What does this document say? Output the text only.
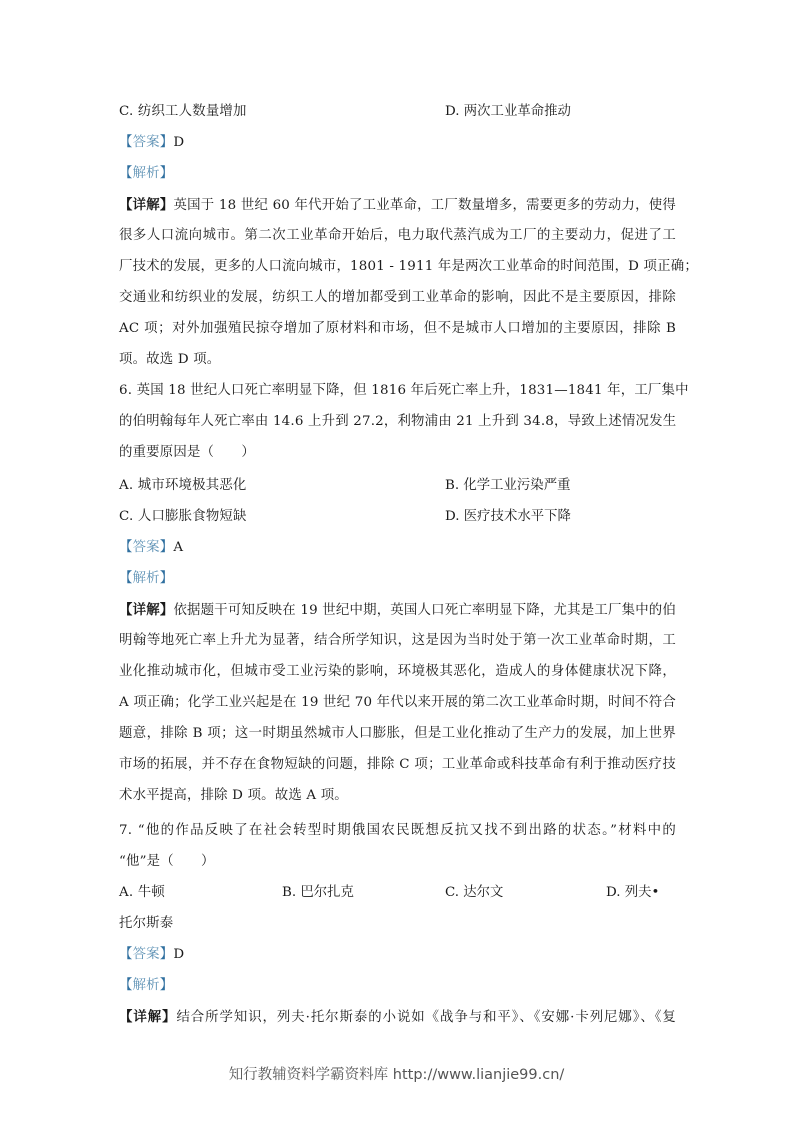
C. 纺织工人数量增加	D. 两次工业革命推动
【答案】D
【解析】
【详解】英国于 18 世纪 60 年代开始了工业革命，工厂数量增多，需要更多的劳动力，使得
很多人口流向城市。第二次工业革命开始后，电力取代蒸汽成为工厂的主要动力，促进了工
厂技术的发展，更多的人口流向城市，1801 - 1911 年是两次工业革命的时间范围，D 项正确；
交通业和纺织业的发展，纺织工人的增加都受到工业革命的影响，因此不是主要原因，排除
AC 项；对外加强殖民掠夺增加了原材料和市场，但不是城市人口增加的主要原因，排除 B
项。故选 D 项。
6. 英国 18 世纪人口死亡率明显下降，但 1816 年后死亡率上升，1831—1841 年，工厂集中
的伯明翰每年人死亡率由 14.6 上升到 27.2，利物浦由 21 上升到 34.8，导致上述情况发生
的重要原因是（　　）
A. 城市环境极其恶化	B. 化学工业污染严重
C. 人口膨胀食物短缺	D. 医疗技术水平下降
【答案】A
【解析】
【详解】依据题干可知反映在 19 世纪中期，英国人口死亡率明显下降，尤其是工厂集中的伯
明翰等地死亡率上升尤为显著，结合所学知识，这是因为当时处于第一次工业革命时期，工
业化推动城市化，但城市受工业污染的影响，环境极其恶化，造成人的身体健康状况下降，
A 项正确；化学工业兴起是在 19 世纪 70 年代以来开展的第二次工业革命时期，时间不符合
题意，排除 B 项；这一时期虽然城市人口膨胀，但是工业化推动了生产力的发展，加上世界
市场的拓展，并不存在食物短缺的问题，排除 C 项；工业革命或科技革命有利于推动医疗技
术水平提高，排除 D 项。故选 A 项。
7. “他的作品反映了在社会转型时期俄国农民既想反抗又找不到出路的状态。”材料中的
“他”是（　　）
A. 牛顿	B. 巴尔扎克	C. 达尔文	D. 列夫•
托尔斯泰
【答案】D
【解析】
【详解】结合所学知识，列夫·托尔斯泰的小说如《战争与和平》、《安娜·卡列尼娜》、《复
知行教辅资料学霸资料库 http://www.lianjie99.cn/
